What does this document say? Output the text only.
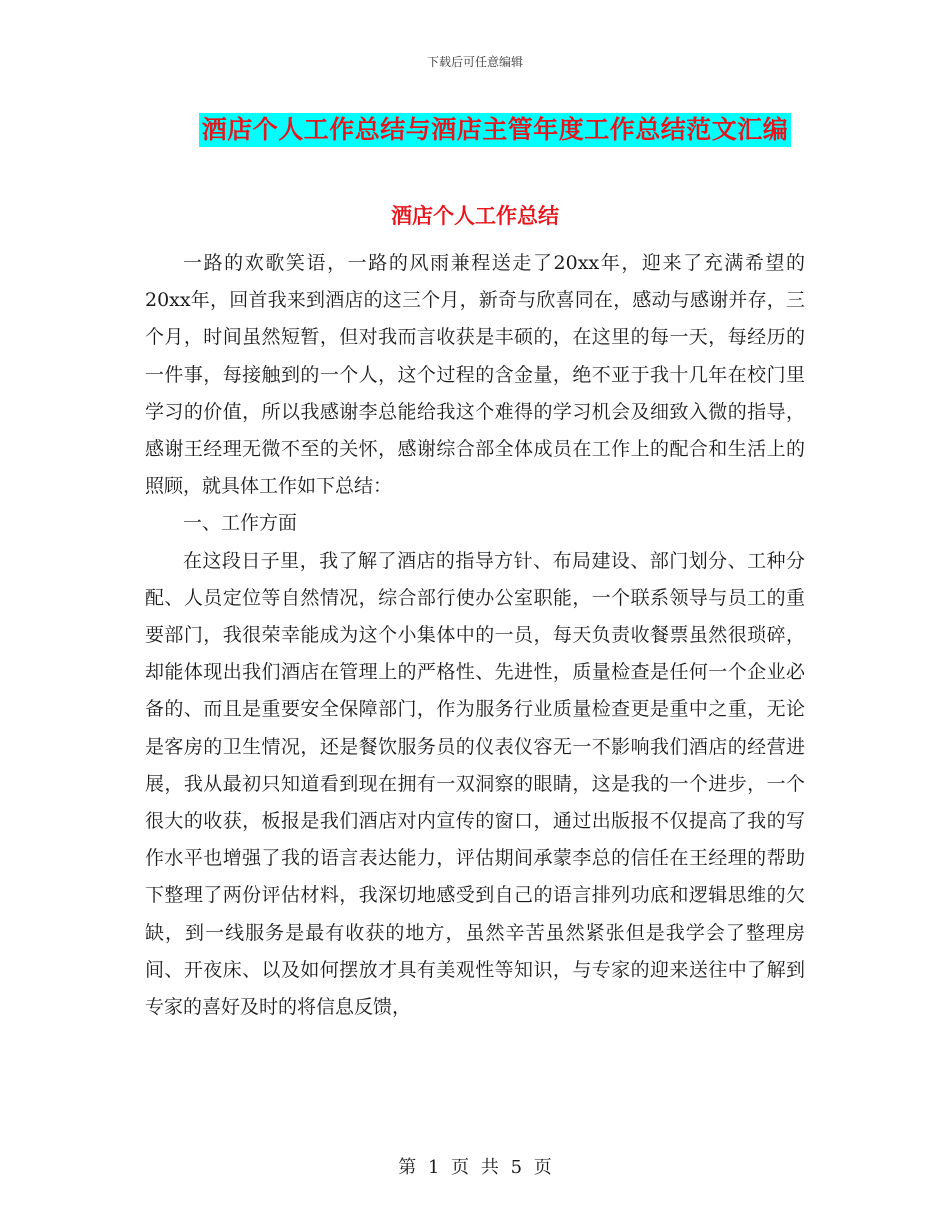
下载后可任意编辑
酒店个人工作总结与酒店主管年度工作总结范文汇编
酒店个人工作总结

一路的欢歌笑语，一路的风雨兼程送走了20xx年，迎来了充满希望的20xx年，回首我来到酒店的这三个月，新奇与欣喜同在，感动与感谢并存，三个月，时间虽然短暂，但对我而言收获是丰硕的，在这里的每一天，每经历的一件事，每接触到的一个人，这个过程的含金量，绝不亚于我十几年在校门里学习的价值，所以我感谢李总能给我这个难得的学习机会及细致入微的指导，感谢王经理无微不至的关怀，感谢综合部全体成员在工作上的配合和生活上的照顾，就具体工作如下总结：

一、工作方面

在这段日子里，我了解了酒店的指导方针、布局建设、部门划分、工种分配、人员定位等自然情况，综合部行使办公室职能，一个联系领导与员工的重要部门，我很荣幸能成为这个小集体中的一员，每天负责收餐票虽然很琐碎，却能体现出我们酒店在管理上的严格性、先进性，质量检查是任何一个企业必备的、而且是重要安全保障部门，作为服务行业质量检查更是重中之重，无论是客房的卫生情况，还是餐饮服务员的仪表仪容无一不影响我们酒店的经营进展，我从最初只知道看到现在拥有一双洞察的眼睛，这是我的一个进步，一个很大的收获，板报是我们酒店对内宣传的窗口，通过出版报不仅提高了我的写作水平也增强了我的语言表达能力，评估期间承蒙李总的信任在王经理的帮助下整理了两份评估材料，我深切地感受到自己的语言排列功底和逻辑思维的欠缺，到一线服务是最有收获的地方，虽然辛苦虽然紧张但是我学会了整理房间、开夜床、以及如何摆放才具有美观性等知识，与专家的迎来送往中了解到专家的喜好及时的将信息反馈，

第 1 页 共 5 页
